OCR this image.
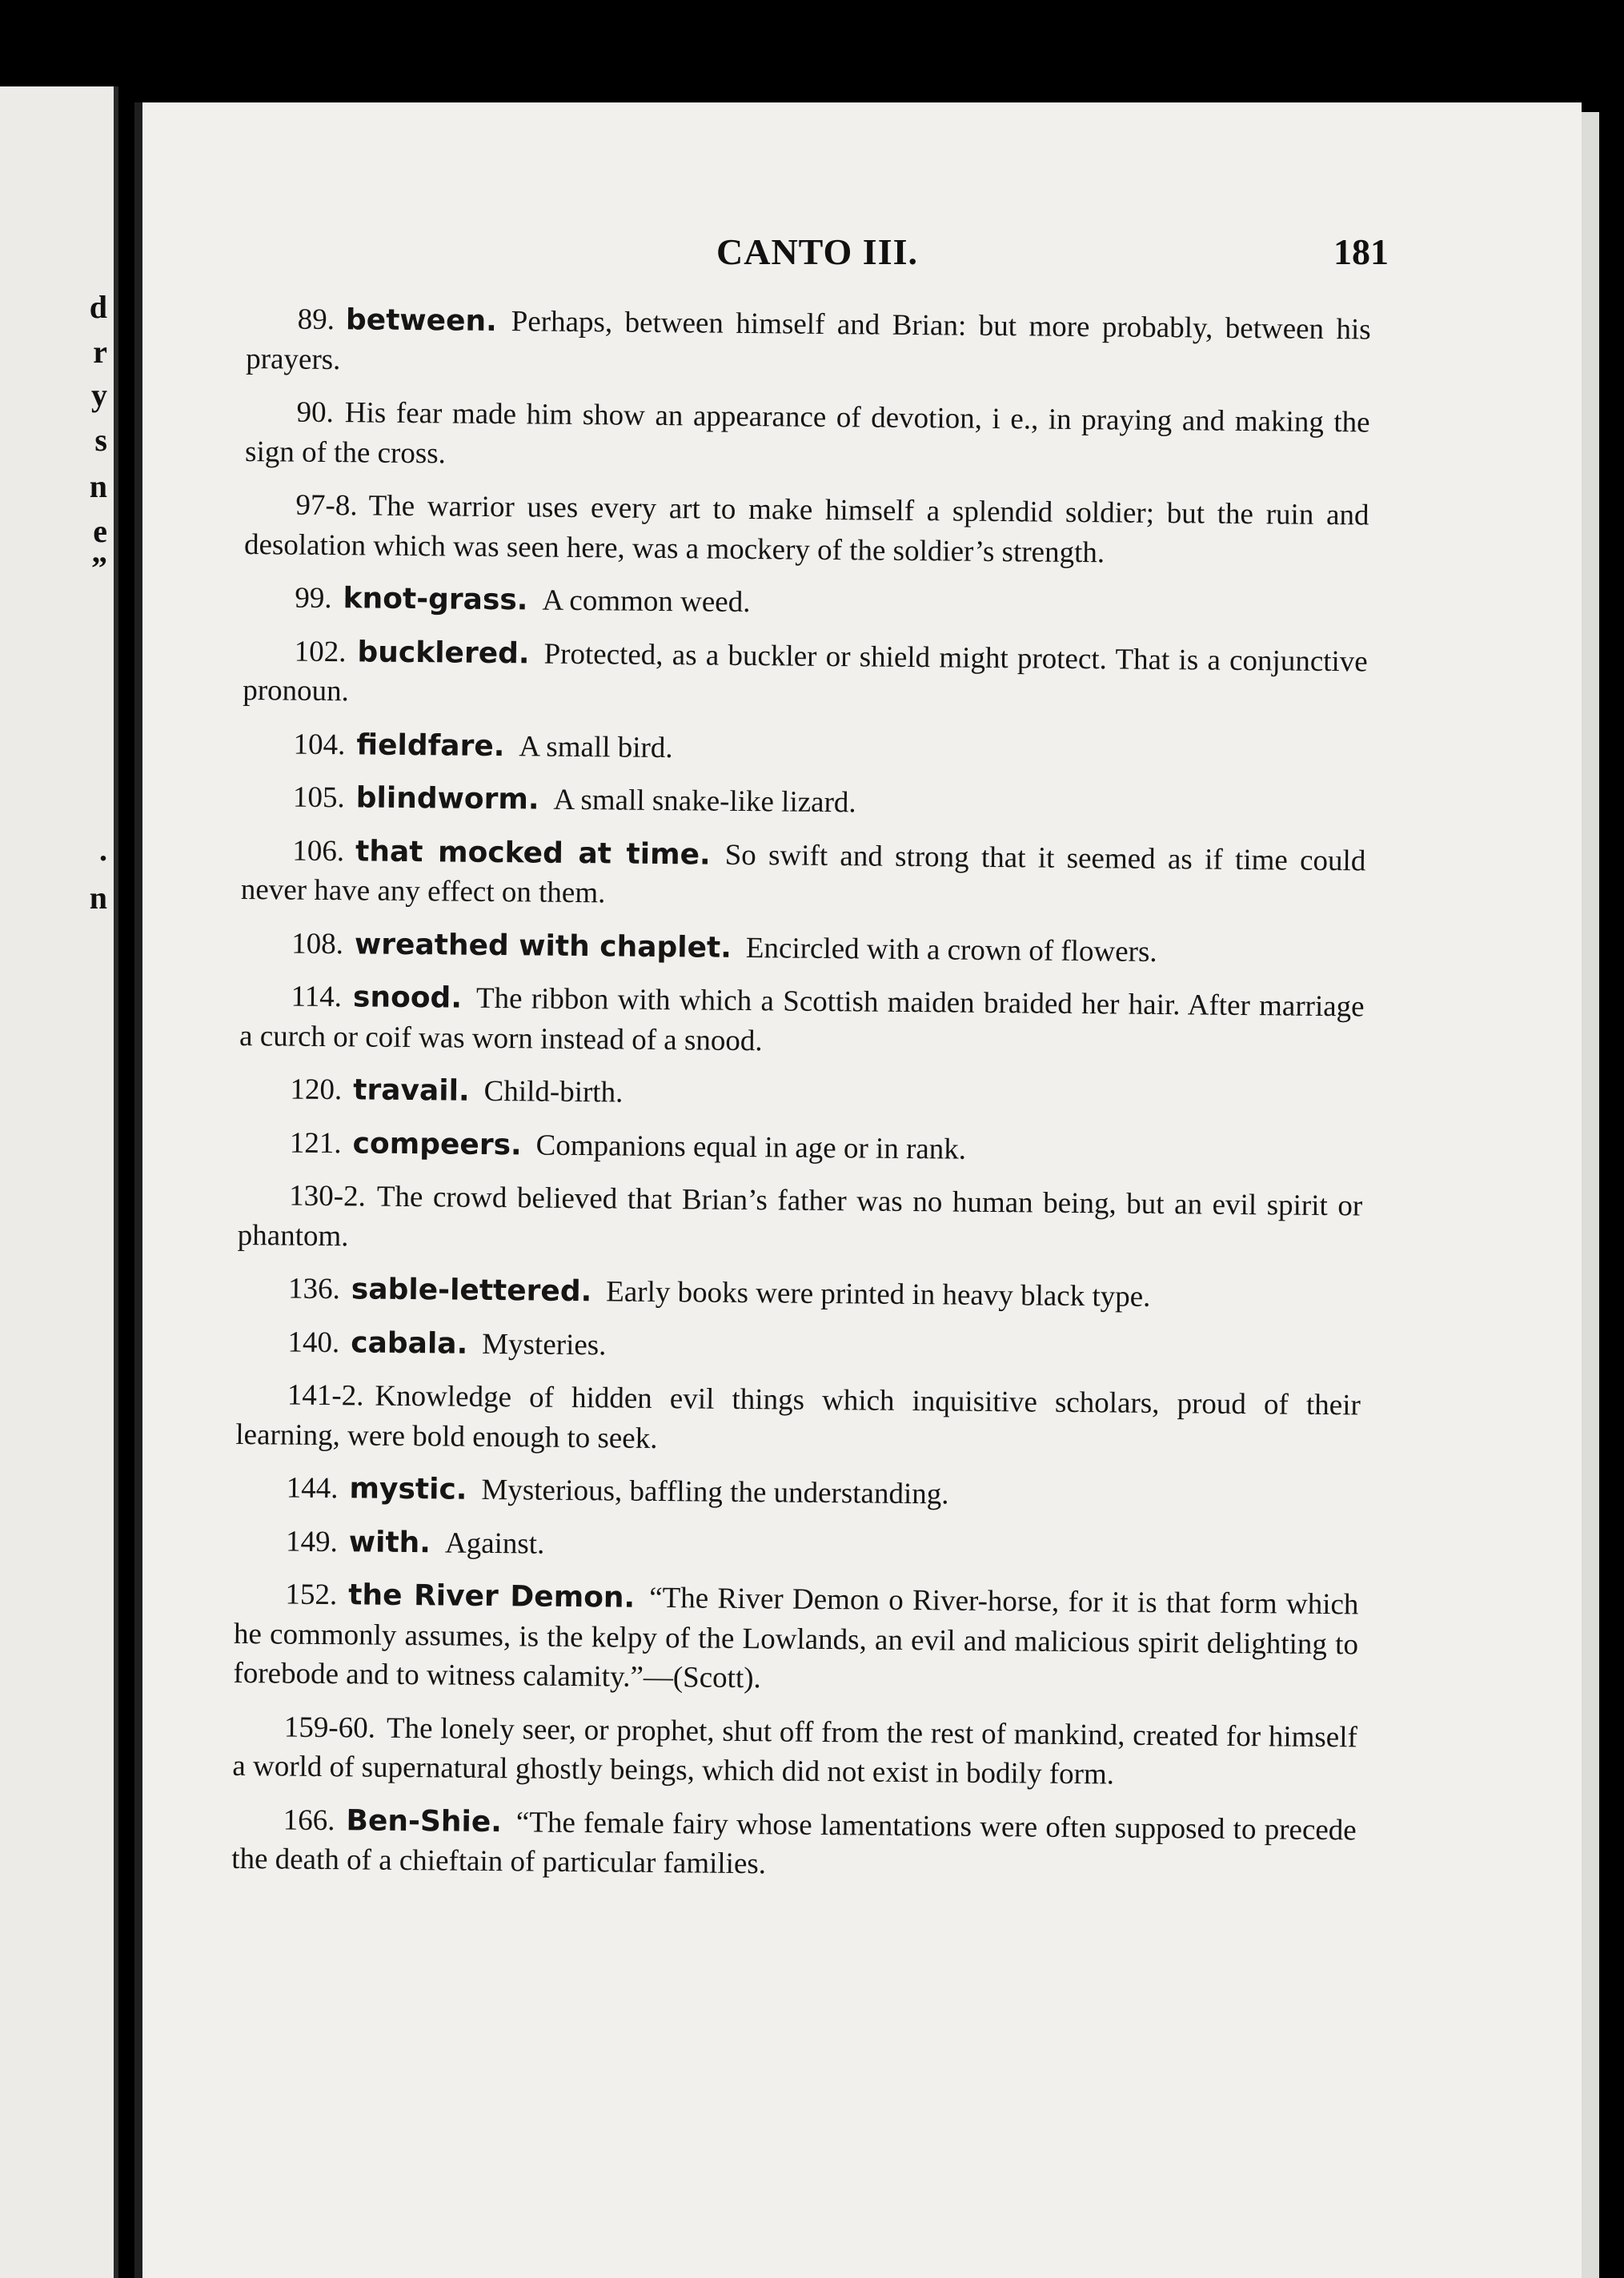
d
r
y
s
n
e
”
.
n
CANTO III.	181

89. between. Perhaps, between himself and Brian: but more probably, between his prayers.

90. His fear made him show an appearance of devotion, i e., in praying and making the sign of the cross.

97-8. The warrior uses every art to make himself a splendid soldier; but the ruin and desolation which was seen here, was a mockery of the soldier’s strength.

99. knot-grass. A common weed.

102. bucklered. Protected, as a buckler or shield might protect. That is a conjunctive pronoun.

104. fieldfare. A small bird.

105. blindworm. A small snake-like lizard.

106. that mocked at time. So swift and strong that it seemed as if time could never have any effect on them.

108. wreathed with chaplet. Encircled with a crown of flowers.

114. snood. The ribbon with which a Scottish maiden braided her hair. After marriage a curch or coif was worn instead of a snood.

120. travail. Child-birth.

121. compeers. Companions equal in age or in rank.

130-2. The crowd believed that Brian’s father was no human being, but an evil spirit or phantom.

136. sable-lettered. Early books were printed in heavy black type.

140. cabala. Mysteries.

141-2. Knowledge of hidden evil things which inquisitive scholars, proud of their learning, were bold enough to seek.

144. mystic. Mysterious, baffling the understanding.

149. with. Against.

152. the River Demon. “The River Demon o River-horse, for it is that form which he commonly assumes, is the kelpy of the Lowlands, an evil and malicious spirit delighting to forebode and to witness calamity.”—(Scott).

159-60. The lonely seer, or prophet, shut off from the rest of mankind, created for himself a world of supernatural ghostly beings, which did not exist in bodily form.

166. Ben-Shie. “The female fairy whose lamentations were often supposed to precede the death of a chieftain of particular families.
